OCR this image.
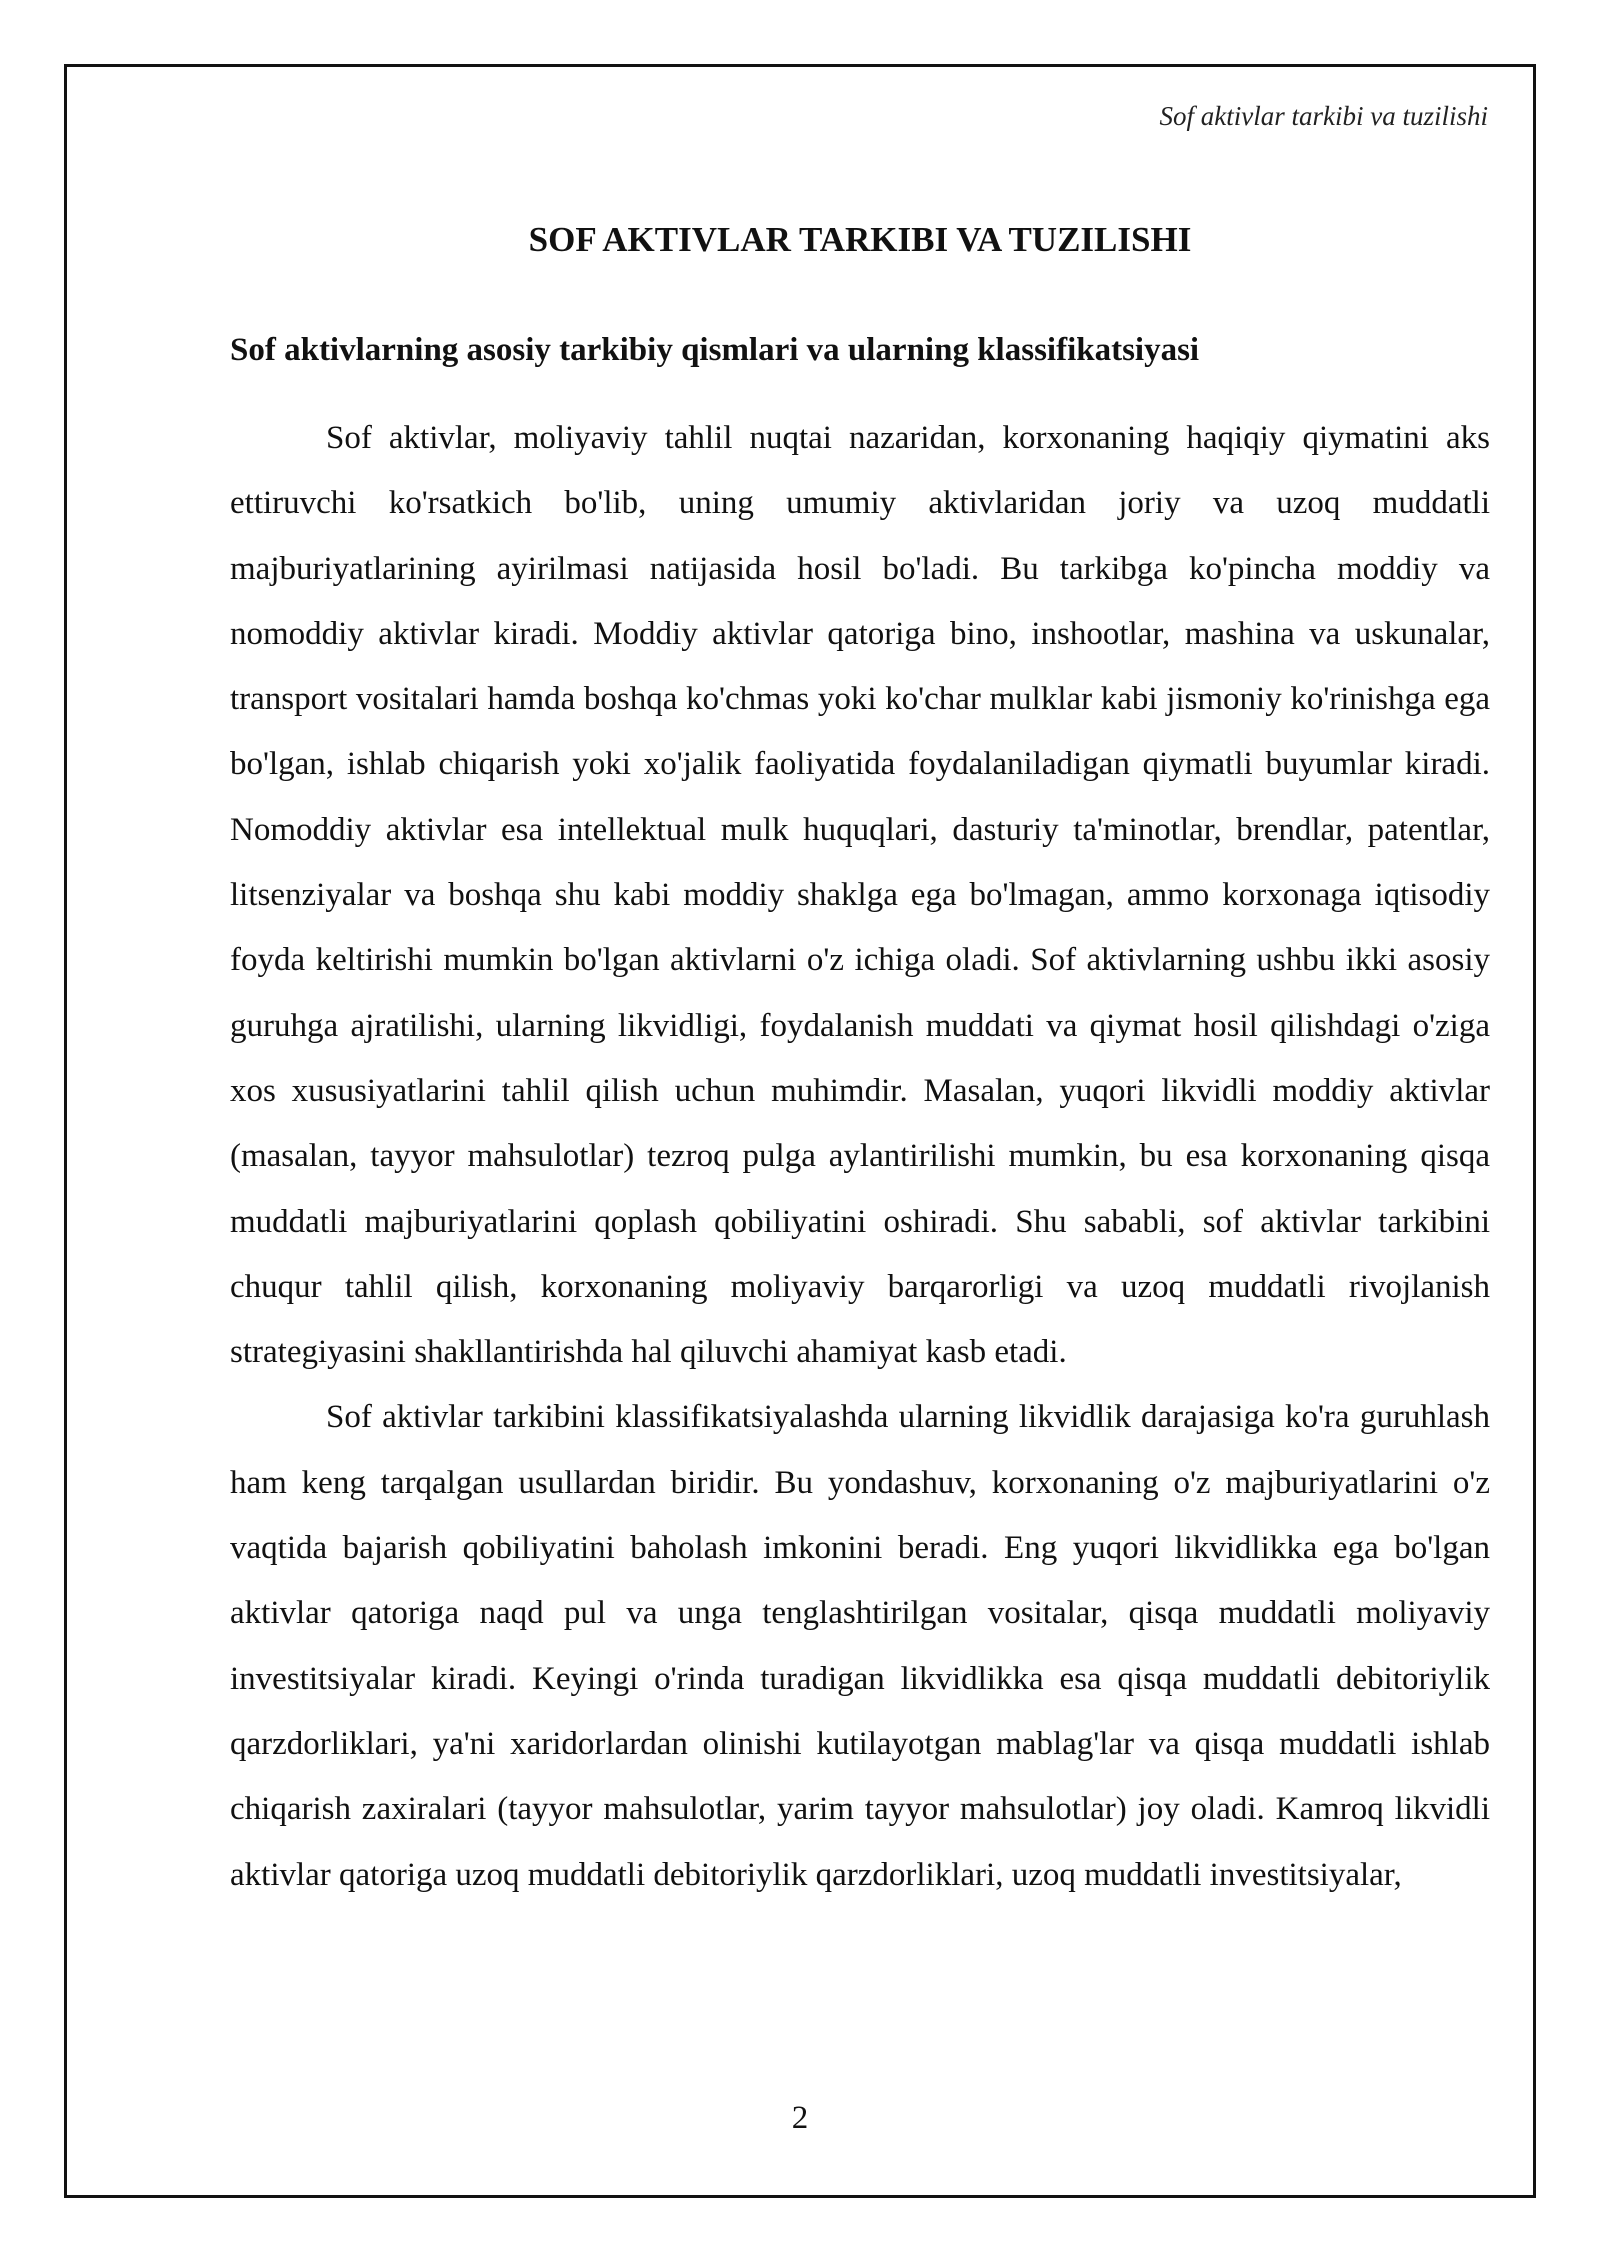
Sof aktivlar tarkibi va tuzilishi
SOF AKTIVLAR TARKIBI VA TUZILISHI
Sof aktivlarning asosiy tarkibiy qismlari va ularning klassifikatsiyasi

Sof aktivlar, moliyaviy tahlil nuqtai nazaridan, korxonaning haqiqiy qiymatini aks ettiruvchi ko'rsatkich bo'lib, uning umumiy aktivlaridan joriy va uzoq muddatli majburiyatlarining ayirilmasi natijasida hosil bo'ladi. Bu tarkibga ko'pincha moddiy va nomoddiy aktivlar kiradi. Moddiy aktivlar qatoriga bino, inshootlar, mashina va uskunalar, transport vositalari hamda boshqa ko'chmas yoki ko'char mulklar kabi jismoniy ko'rinishga ega bo'lgan, ishlab chiqarish yoki xo'jalik faoliyatida foydalaniladigan qiymatli buyumlar kiradi. Nomoddiy aktivlar esa intellektual mulk huquqlari, dasturiy ta'minotlar, brendlar, patentlar, litsenziyalar va boshqa shu kabi moddiy shaklga ega bo'lmagan, ammo korxonaga iqtisodiy foyda keltirishi mumkin bo'lgan aktivlarni o'z ichiga oladi. Sof aktivlarning ushbu ikki asosiy guruhga ajratilishi, ularning likvidligi, foydalanish muddati va qiymat hosil qilishdagi o'ziga xos xususiyatlarini tahlil qilish uchun muhimdir. Masalan, yuqori likvidli moddiy aktivlar (masalan, tayyor mahsulotlar) tezroq pulga aylantirilishi mumkin, bu esa korxonaning qisqa muddatli majburiyatlarini qoplash qobiliyatini oshiradi. Shu sababli, sof aktivlar tarkibini chuqur tahlil qilish, korxonaning moliyaviy barqarorligi va uzoq muddatli rivojlanish strategiyasini shakllantirishda hal qiluvchi ahamiyat kasb etadi.

Sof aktivlar tarkibini klassifikatsiyalashda ularning likvidlik darajasiga ko'ra guruhlash ham keng tarqalgan usullardan biridir. Bu yondashuv, korxonaning o'z majburiyatlarini o'z vaqtida bajarish qobiliyatini baholash imkonini beradi. Eng yuqori likvidlikka ega bo'lgan aktivlar qatoriga naqd pul va unga tenglashtirilgan vositalar, qisqa muddatli moliyaviy investitsiyalar kiradi. Keyingi o'rinda turadigan likvidlikka esa qisqa muddatli debitoriylik qarzdorliklari, ya'ni xaridorlardan olinishi kutilayotgan mablag'lar va qisqa muddatli ishlab chiqarish zaxiralari (tayyor mahsulotlar, yarim tayyor mahsulotlar) joy oladi. Kamroq likvidli aktivlar qatoriga uzoq muddatli debitoriylik qarzdorliklari, uzoq muddatli investitsiyalar,

2
